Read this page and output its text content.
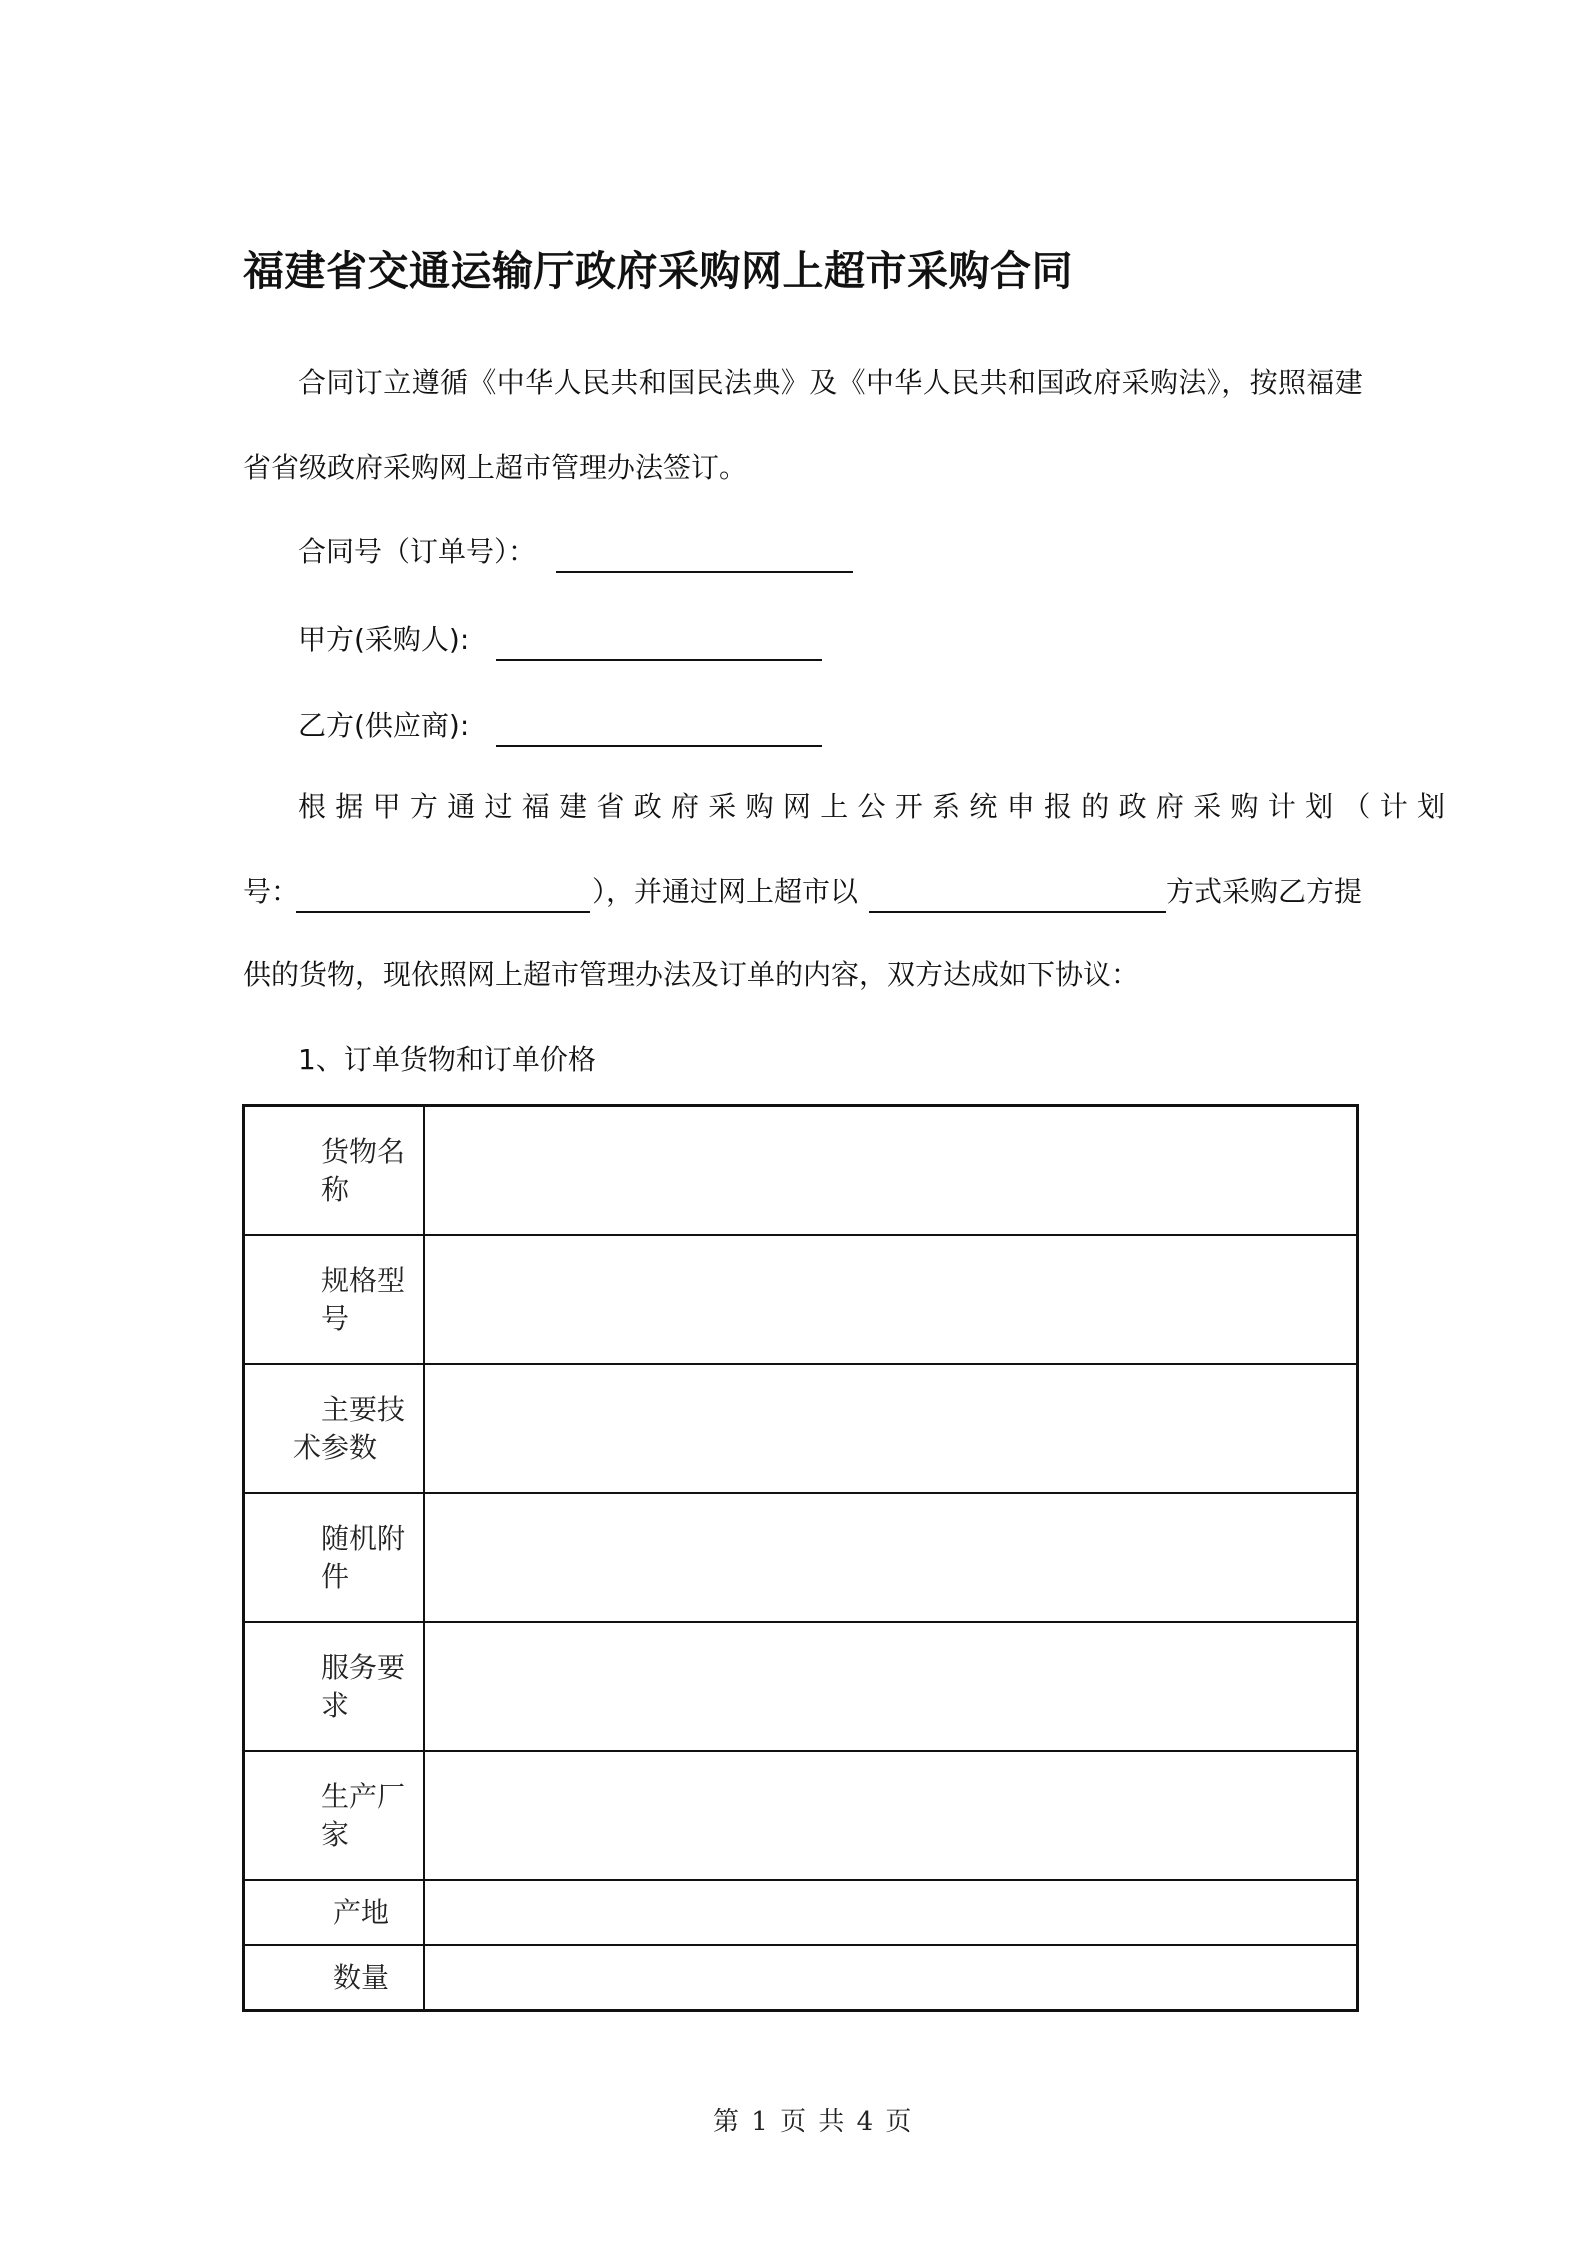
福建省交通运输厅政府采购网上超市采购合同
合同订立遵循《中华人民共和国民法典》及《中华人民共和国政府采购法》，按照福建
省省级政府采购网上超市管理办法签订。
合同号（订单号）：
甲方(采购人):
乙方(供应商):
根据甲方通过福建省政府采购网上公开系统申报的政府采购计划（计划
号：	），并通过网上超市以	方式采购乙方提
供的货物，现依照网上超市管理办法及订单的内容，双方达成如下协议：
1、订单货物和订单价格
货物名
称	

规格型
号	

主要技
术参数	

随机附
件	

服务要
求	

生产厂
家	

产地	

数量	

第 1 页 共 4 页
